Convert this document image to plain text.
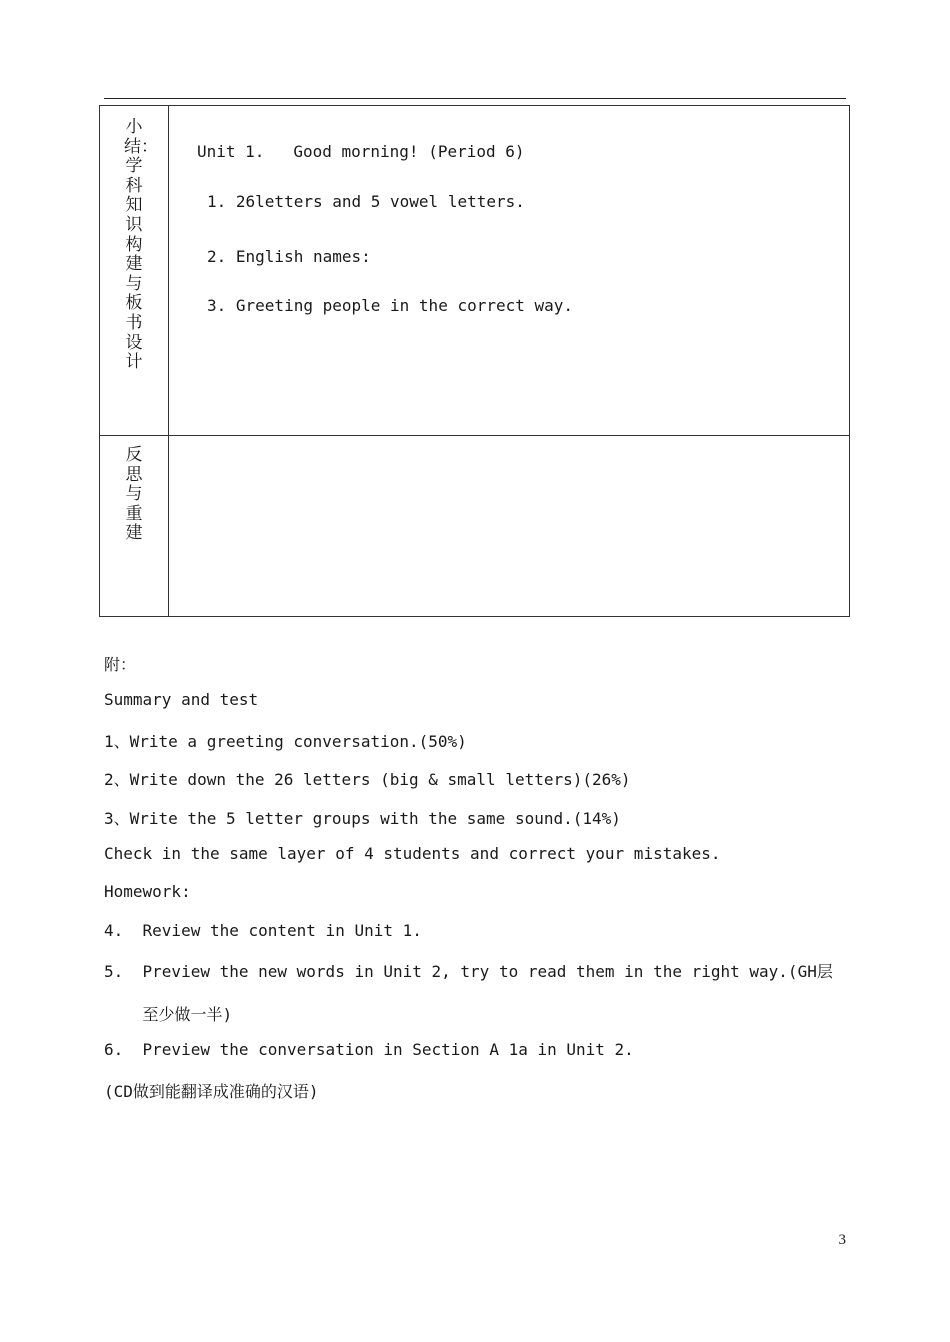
小结：学科知识构建与板书设计
Unit 1.   Good morning! (Period 6)
1. 26letters and 5 vowel letters.
2. English names:
3. Greeting people in the correct way.
反思与重建
附：
Summary and test
1、Write a greeting conversation.(50%)
2、Write down the 26 letters (big & small letters)(26%)
3、Write the 5 letter groups with the same sound.(14%)
Check in the same layer of 4 students and correct your mistakes.
Homework:
4.  Review the content in Unit 1.
5.  Preview the new words in Unit 2, try to read them in the right way.(GH层
至少做一半)
6.  Preview the conversation in Section A 1a in Unit 2.
(CD做到能翻译成准确的汉语)
3
